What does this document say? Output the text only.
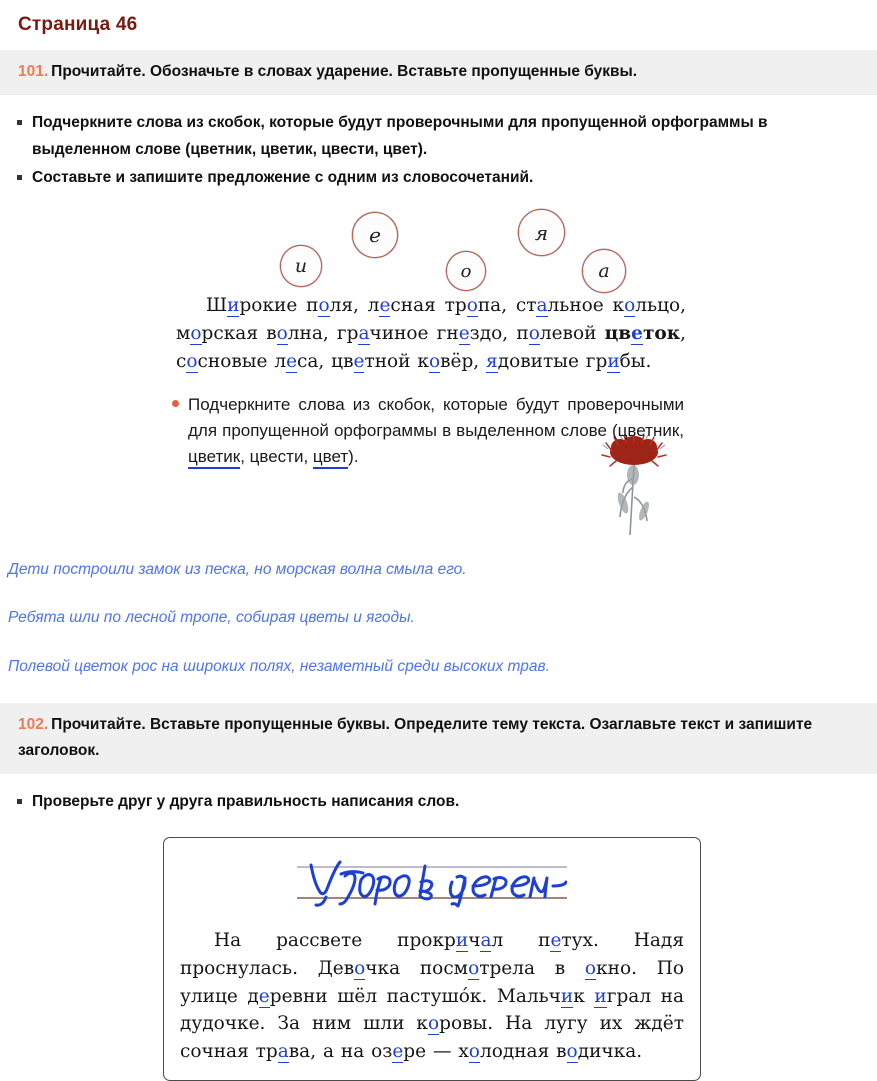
Страница 46
101. Прочитайте. Обозначьте в словах ударение. Вставьте пропущенные буквы.
Подчеркните слова из скобок, которые будут проверочными для пропущенной орфограммы в выделенном слове (цветник, цветик, цвести, цвет).
Составьте и запишите предложение с одним из словосочетаний.
и
е
о
я
а
Широкие поля, лесная тропа, стальное кольцо, морская волна, грачиное гнездо, полевой цветок, сосновые леса, цветной ковёр, ядовитые грибы.
Подчеркните слова из скобок, которые будут проверочными для пропущенной орфограммы в выделенном слове (цветник, цветик, цвести, цвет).
Дети построили замок из песка, но морская волна смыла его.
Ребята шли по лесной тропе, собирая цветы и ягоды.
Полевой цветок рос на широких полях, незаметный среди высоких трав.
102. Прочитайте. Вставьте пропущенные буквы. Определите тему текста. Озаглавьте текст и запишите заголовок.
Проверьте друг у друга правильность написания слов.
На рассвете прокричал петух. Надя проснулась. Девочка посмотрела в окно. По улице деревни шёл пастушо́к. Мальчик играл на дудочке. За ним шли коровы. На лугу их ждёт сочная трава, а на озере — холодная водичка.
